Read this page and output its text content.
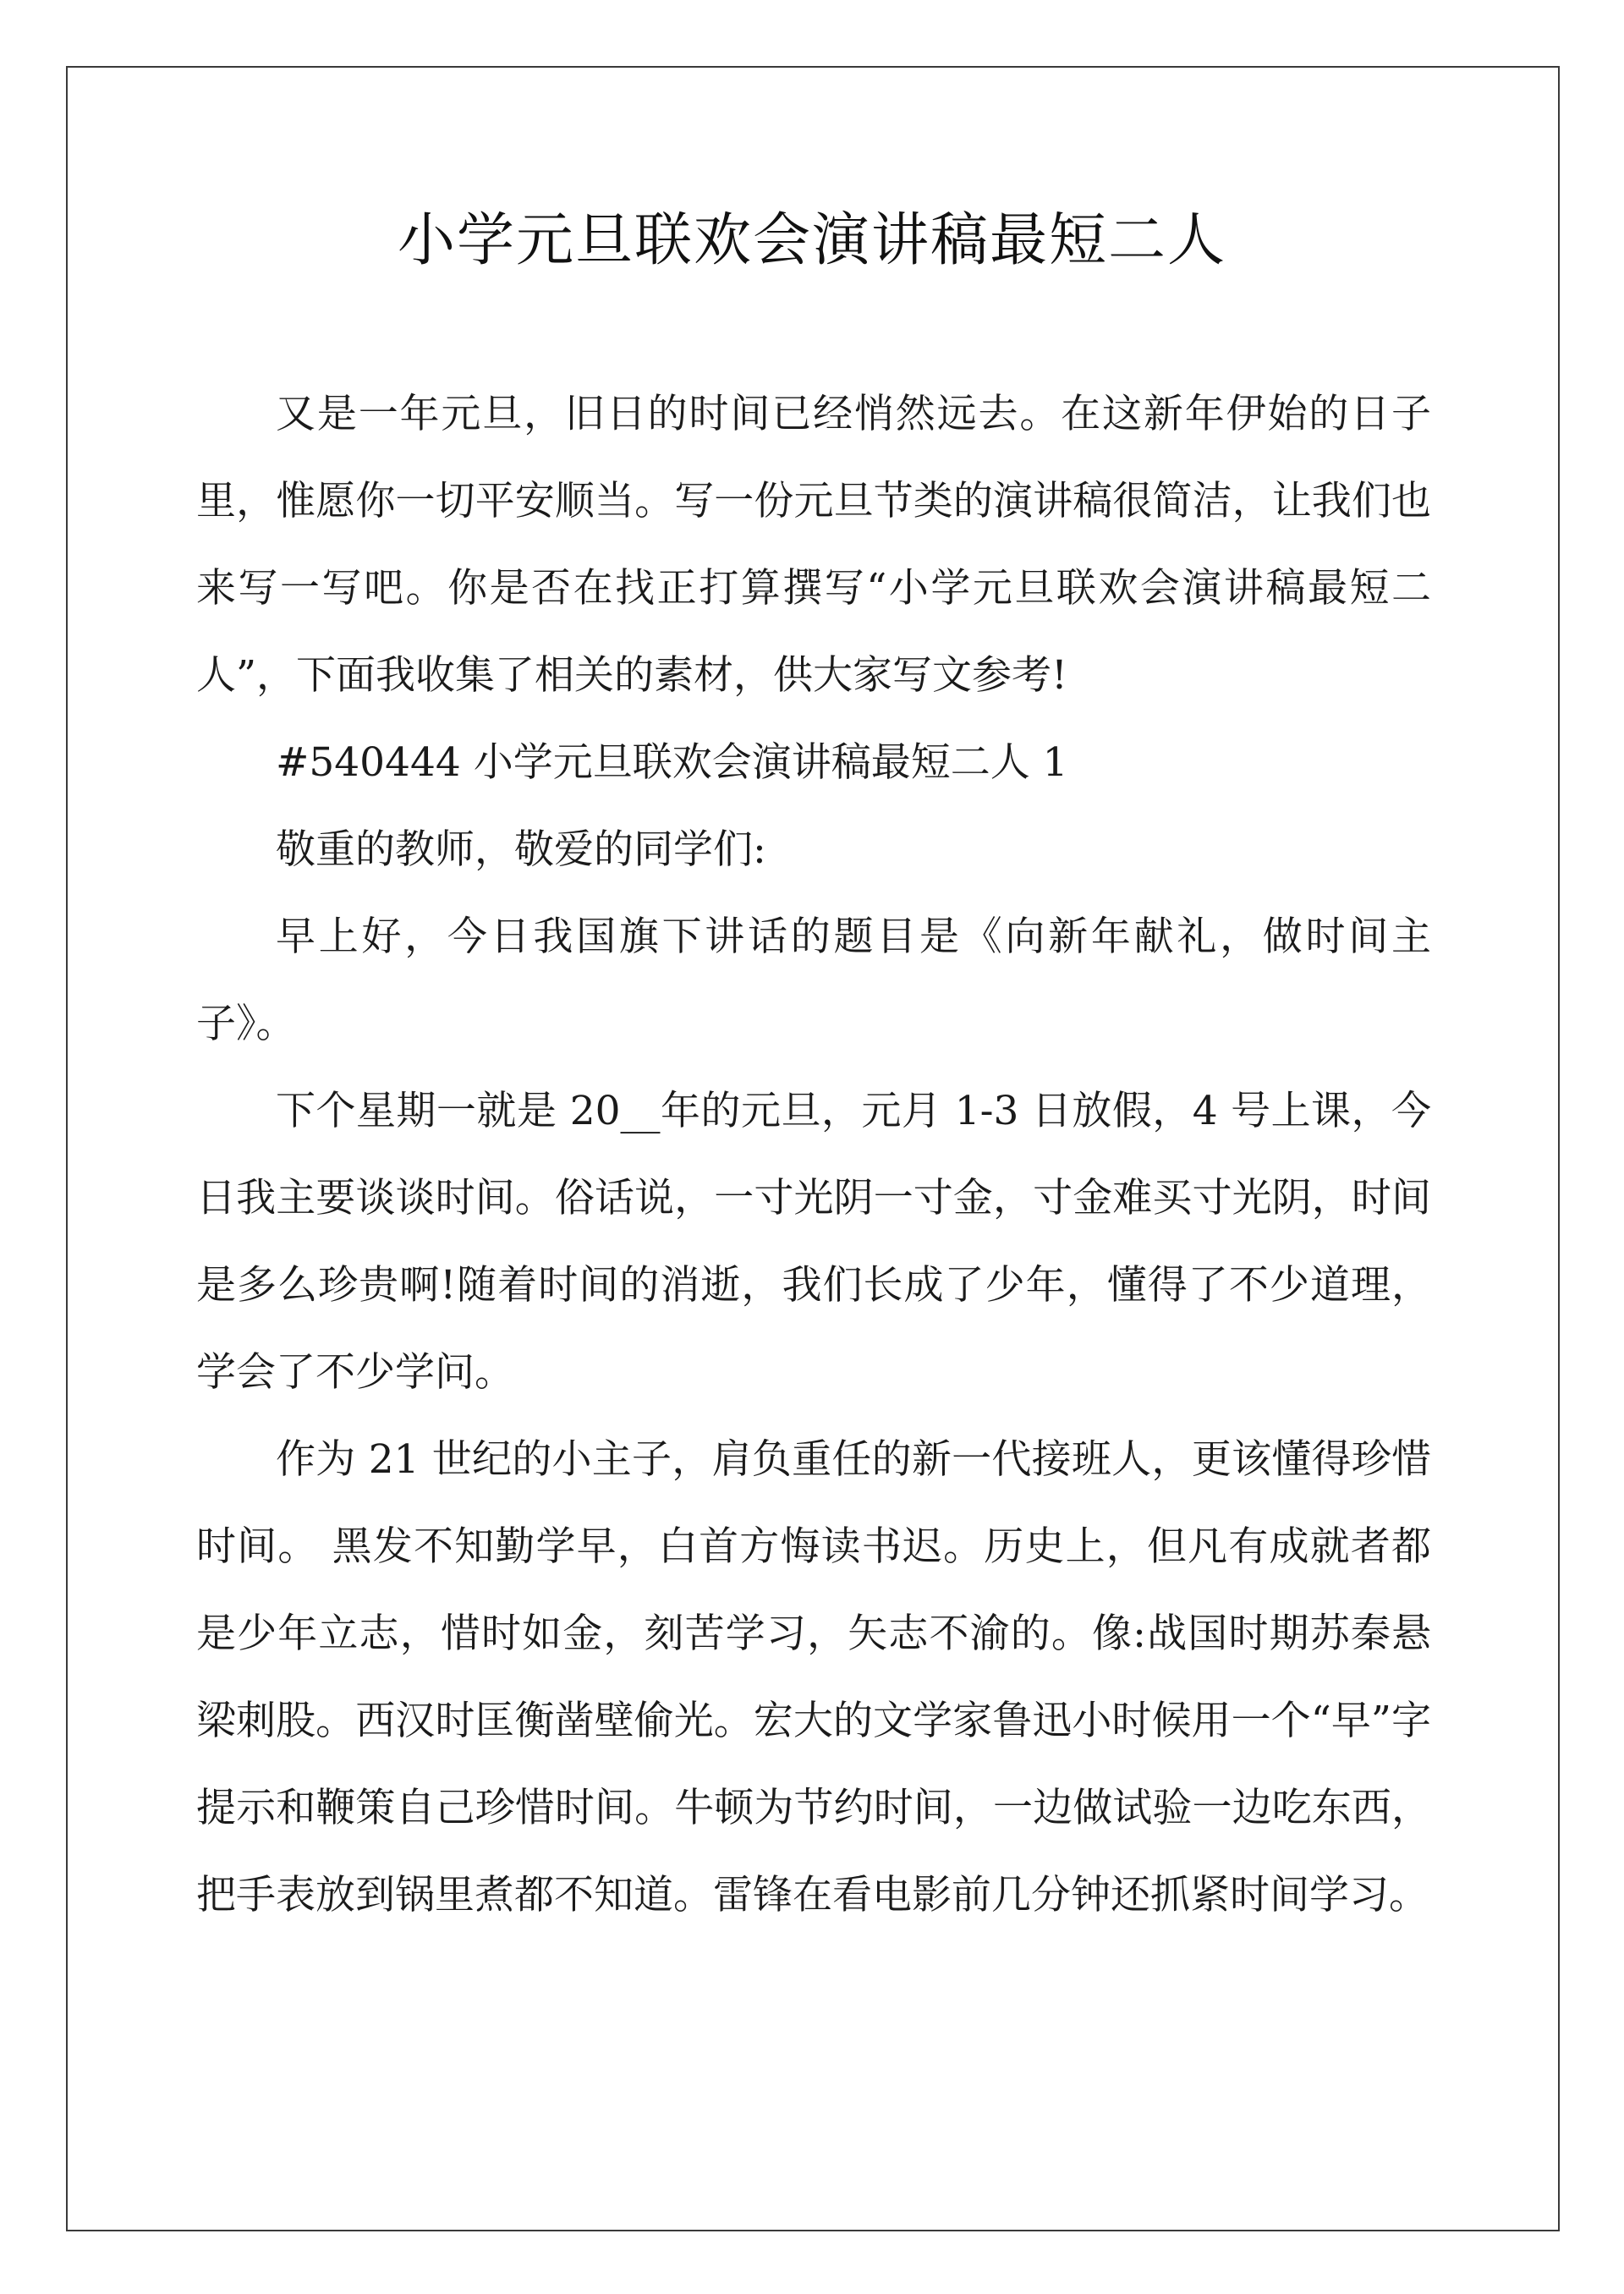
小学元旦联欢会演讲稿最短二人

又是一年元旦，旧日的时间已经悄然远去。在这新年伊始的日子里，惟愿你一切平安顺当。写一份元旦节类的演讲稿很简洁，让我们也来写一写吧。你是否在找正打算撰写“小学元旦联欢会演讲稿最短二人”，下面我收集了相关的素材，供大家写文参考!

#540444 小学元旦联欢会演讲稿最短二人 1

敬重的教师，敬爱的同学们:

早上好，今日我国旗下讲话的题目是《向新年献礼，做时间主子》。

下个星期一就是 20__年的元旦，元月 1-3 日放假，4 号上课，今日我主要谈谈时间。俗话说，一寸光阴一寸金，寸金难买寸光阴，时间是多么珍贵啊!随着时间的消逝，我们长成了少年，懂得了不少道理，学会了不少学问。

作为 21 世纪的小主子，肩负重任的新一代接班人，更该懂得珍惜时间。 黑发不知勤学早，白首方悔读书迟。历史上，但凡有成就者都是少年立志，惜时如金，刻苦学习，矢志不渝的。像:战国时期苏秦悬梁刺股。西汉时匡衡凿壁偷光。宏大的文学家鲁迅小时候用一个“早”字提示和鞭策自己珍惜时间。牛顿为节约时间，一边做试验一边吃东西，把手表放到锅里煮都不知道。雷锋在看电影前几分钟还抓紧时间学习。
